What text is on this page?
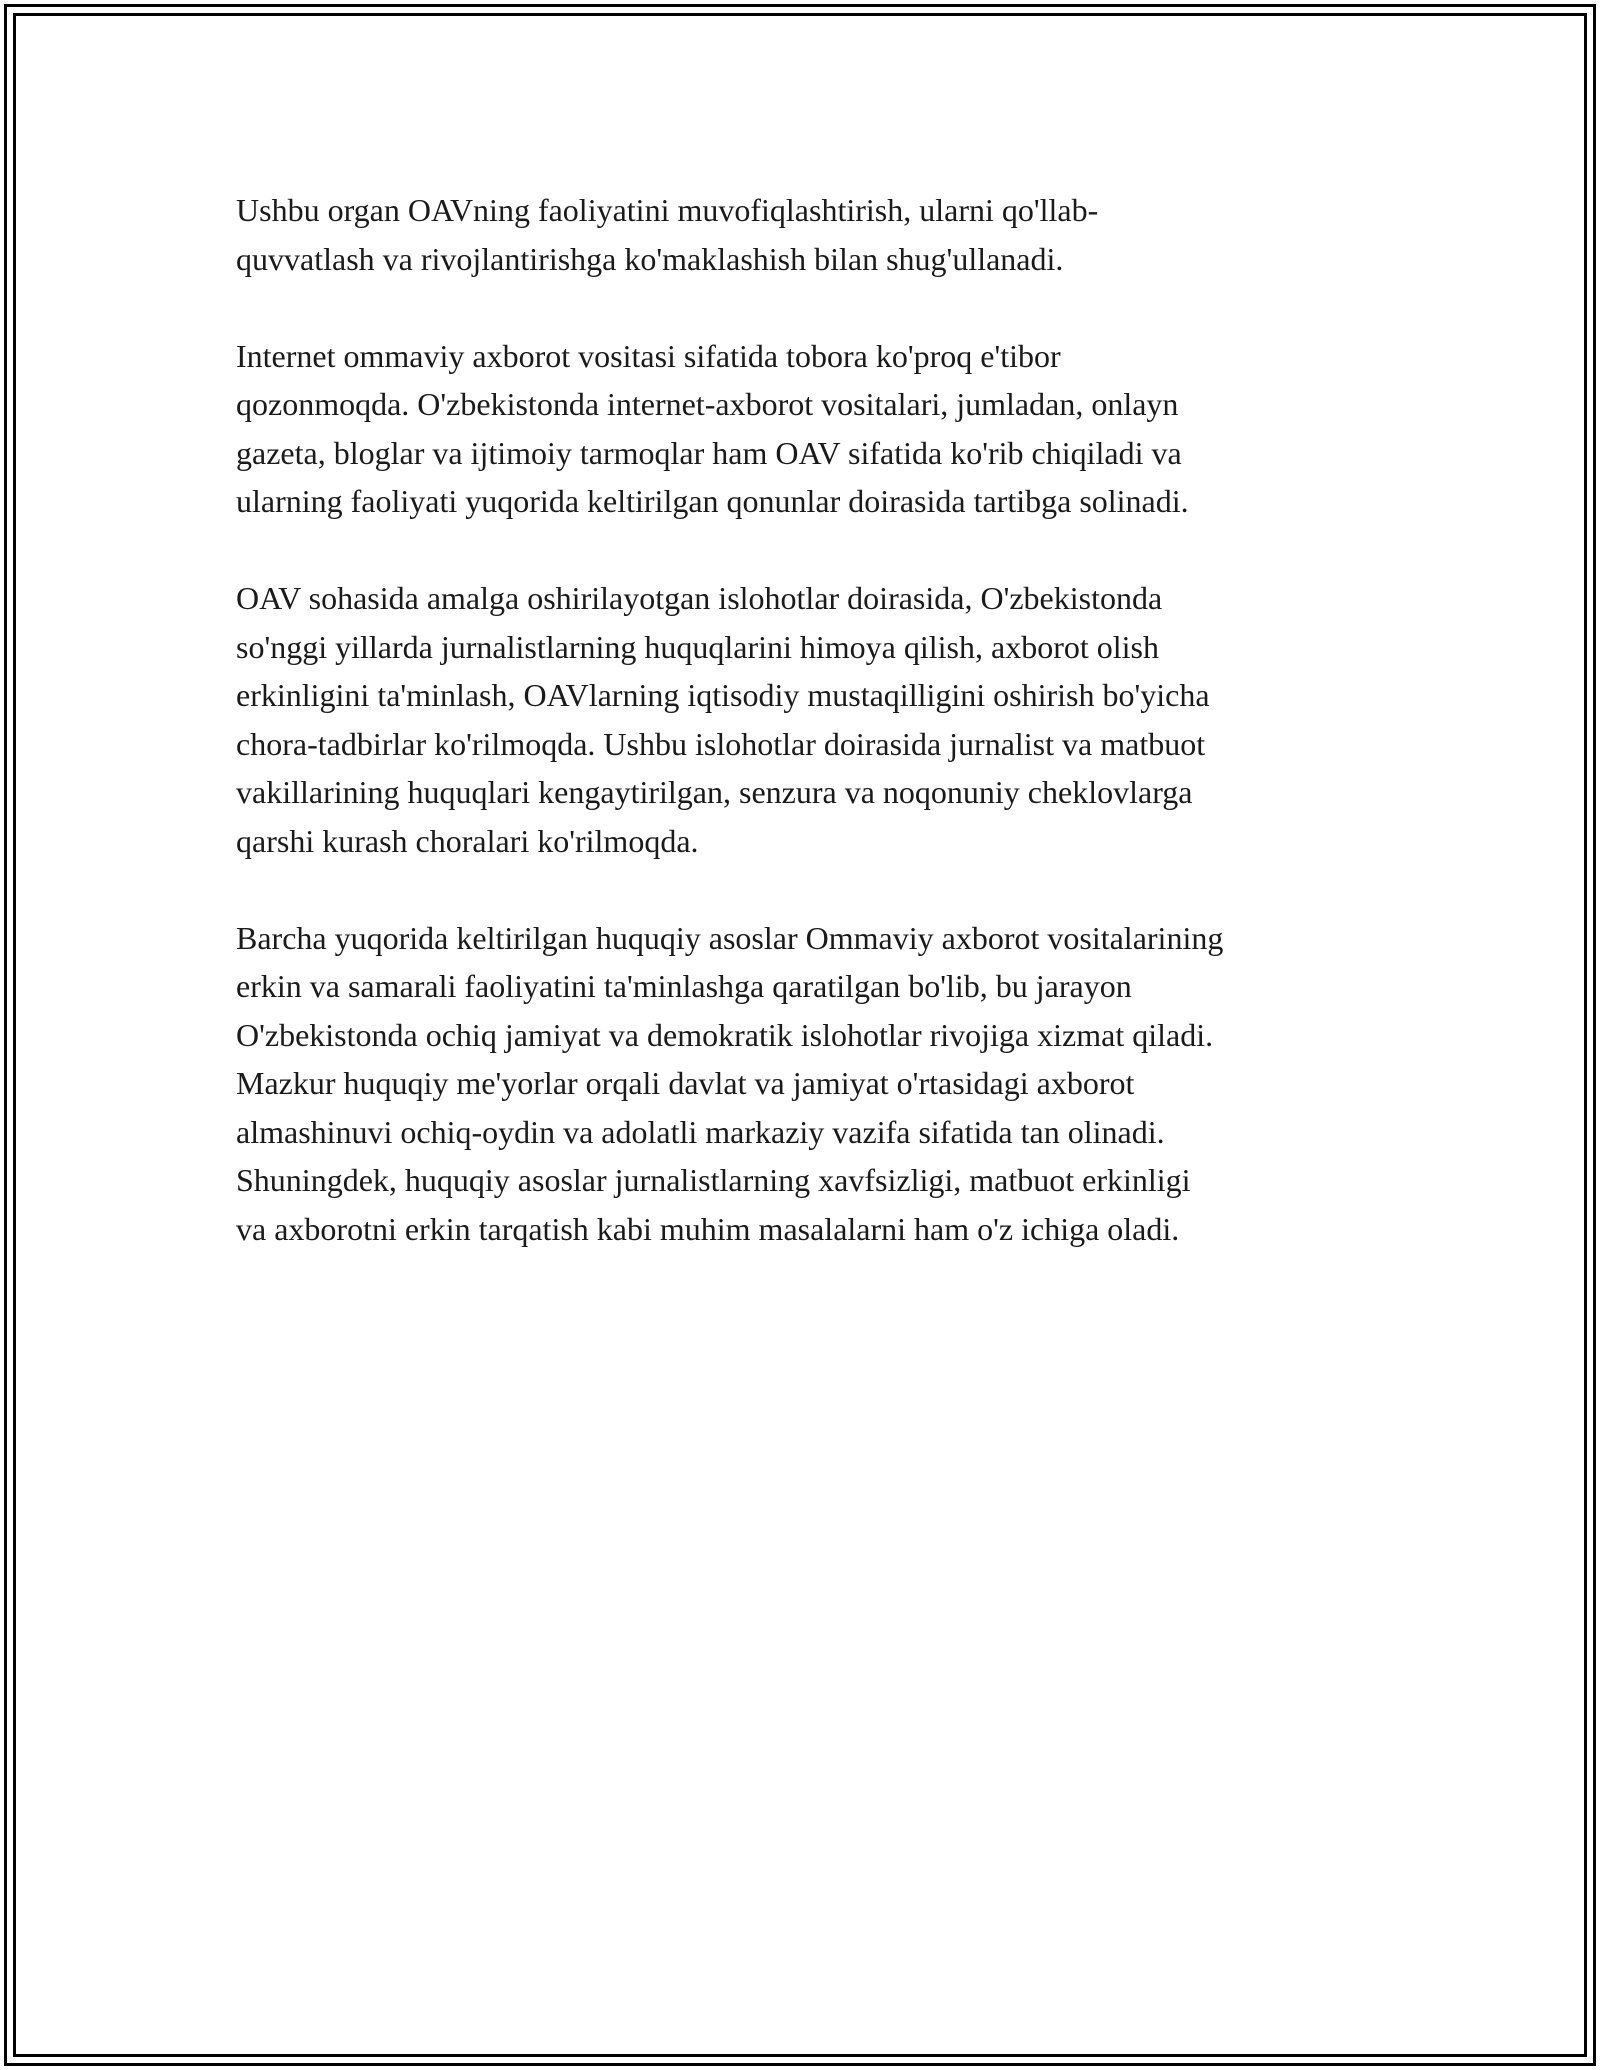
Ushbu organ OAVning faoliyatini muvofiqlashtirish, ularni qo'llab-
quvvatlash va rivojlantirishga ko'maklashish bilan shug'ullanadi.

Internet ommaviy axborot vositasi sifatida tobora ko'proq e'tibor
qozonmoqda. O'zbekistonda internet-axborot vositalari, jumladan, onlayn
gazeta, bloglar va ijtimoiy tarmoqlar ham OAV sifatida ko'rib chiqiladi va
ularning faoliyati yuqorida keltirilgan qonunlar doirasida tartibga solinadi.

OAV sohasida amalga oshirilayotgan islohotlar doirasida, O'zbekistonda
so'nggi yillarda jurnalistlarning huquqlarini himoya qilish, axborot olish
erkinligini ta'minlash, OAVlarning iqtisodiy mustaqilligini oshirish bo'yicha
chora-tadbirlar ko'rilmoqda. Ushbu islohotlar doirasida jurnalist va matbuot
vakillarining huquqlari kengaytirilgan, senzura va noqonuniy cheklovlarga
qarshi kurash choralari ko'rilmoqda.

Barcha yuqorida keltirilgan huquqiy asoslar Ommaviy axborot vositalarining
erkin va samarali faoliyatini ta'minlashga qaratilgan bo'lib, bu jarayon
O'zbekistonda ochiq jamiyat va demokratik islohotlar rivojiga xizmat qiladi.
Mazkur huquqiy me'yorlar orqali davlat va jamiyat o'rtasidagi axborot
almashinuvi ochiq-oydin va adolatli markaziy vazifa sifatida tan olinadi.
Shuningdek, huquqiy asoslar jurnalistlarning xavfsizligi, matbuot erkinligi
va axborotni erkin tarqatish kabi muhim masalalarni ham o'z ichiga oladi.
